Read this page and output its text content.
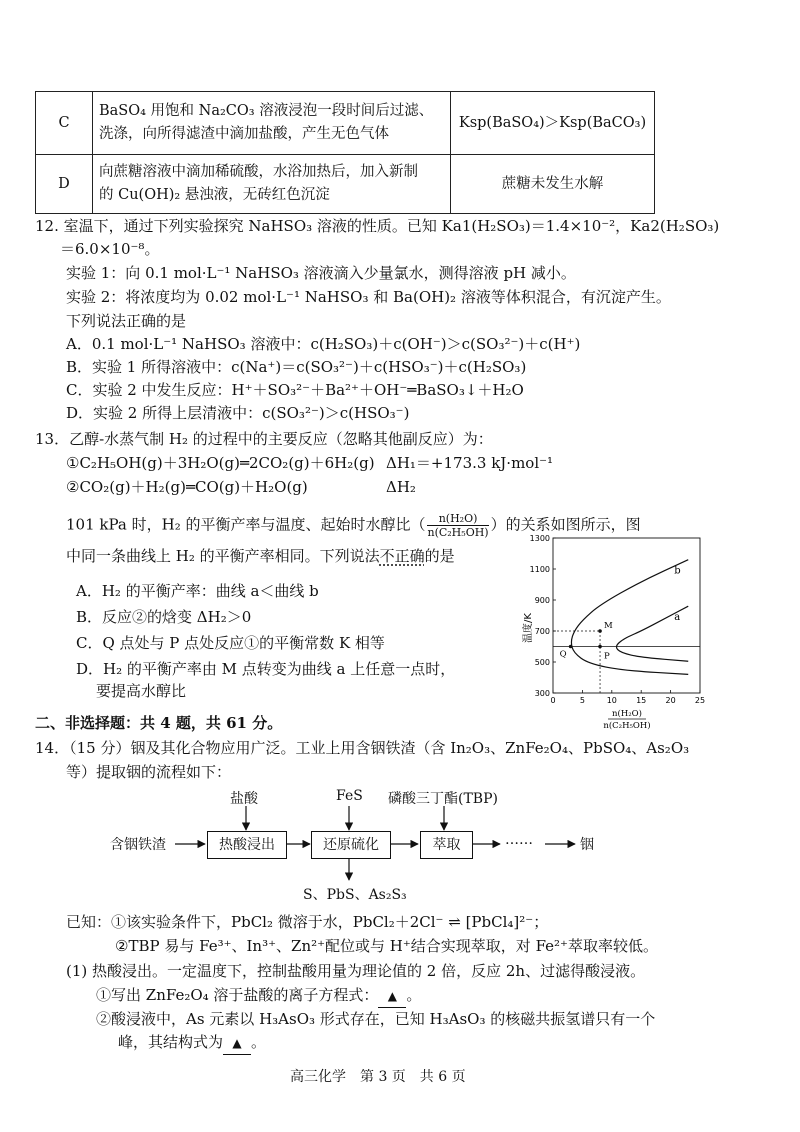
C	BaSO₄ 用饱和 Na₂CO₃ 溶液浸泡一段时间后过滤、
洗涤，向所得滤渣中滴加盐酸，产生无色气体	Ksp(BaSO₄)＞Ksp(BaCO₃)
D	向蔗糖溶液中滴加稀硫酸，水浴加热后，加入新制
的 Cu(OH)₂ 悬浊液，无砖红色沉淀	蔗糖未发生水解
12. 室温下，通过下列实验探究 NaHSO₃ 溶液的性质。已知 Ka1(H₂SO₃)＝1.4×10⁻²，Ka2(H₂SO₃)
＝6.0×10⁻⁸。
实验 1：向 0.1 mol·L⁻¹ NaHSO₃ 溶液滴入少量氯水，测得溶液 pH 减小。
实验 2：将浓度均为 0.02 mol·L⁻¹ NaHSO₃ 和 Ba(OH)₂ 溶液等体积混合，有沉淀产生。
下列说法正确的是
A．0.1 mol·L⁻¹ NaHSO₃ 溶液中：c(H₂SO₃)＋c(OH⁻)＞c(SO₃²⁻)＋c(H⁺)
B．实验 1 所得溶液中：c(Na⁺)＝c(SO₃²⁻)＋c(HSO₃⁻)＋c(H₂SO₃)
C．实验 2 中发生反应：H⁺＋SO₃²⁻＋Ba²⁺＋OH⁻═BaSO₃↓＋H₂O
D．实验 2 所得上层清液中：c(SO₃²⁻)＞c(HSO₃⁻)
13．乙醇-水蒸气制 H₂ 的过程中的主要反应（忽略其他副反应）为：
①C₂H₅OH(g)＋3H₂O(g)═2CO₂(g)＋6H₂(g) ΔH₁＝+173.3 kJ·mol⁻¹
②CO₂(g)＋H₂(g)═CO(g)＋H₂O(g)	ΔH₂
101 kPa 时，H₂ 的平衡产率与温度、起始时水醇比（ $\frac{\text{n(H₂O)}}{\text{n(C₂H₅OH)}}$ ）的关系如图所示，图
中同一条曲线上 H₂ 的平衡产率相同。下列说法不正确的是
A．H₂ 的平衡产率：曲线 a＜曲线 b
B．反应②的焓变 ΔH₂＞0
C．Q 点处与 P 点处反应①的平衡常数 K 相等
D．H₂ 的平衡产率由 M 点转变为曲线 a 上任意一点时，
要提高水醇比
0	5	10 15 20 25
300
500
700
900
1100
1300
b
a
M
Q	P
温度/K
n(H₂O)
n(C₂H₅OH)
二、非选择题：共 4 题，共 61 分。
14．（15 分）铟及其化合物应用广泛。工业上用含铟铁渣（含 In₂O₃、ZnFe₂O₄、PbSO₄、As₂O₃
等）提取铟的流程如下：
含铟铁渣	热酸浸出	还原硫化	萃取	……	铟
盐酸	FeS 磷酸三丁酯(TBP)
S、PbS、As₂S₃
已知：①该实验条件下，PbCl₂ 微溶于水，PbCl₂＋2Cl⁻ ⇌ [PbCl₄]²⁻；
②TBP 易与 Fe³⁺、In³⁺、Zn²⁺配位或与 H⁺结合实现萃取，对 Fe²⁺萃取率较低。
(1) 热酸浸出。一定温度下，控制盐酸用量为理论值的 2 倍，反应 2h、过滤得酸浸液。
①写出 ZnFe₂O₄ 溶于盐酸的离子方程式： ▲ 。
②酸浸液中，As 元素以 H₃AsO₃ 形式存在，已知 H₃AsO₃ 的核磁共振氢谱只有一个
峰，其结构式为 ▲ 。
高三化学　第 3 页　共 6 页
